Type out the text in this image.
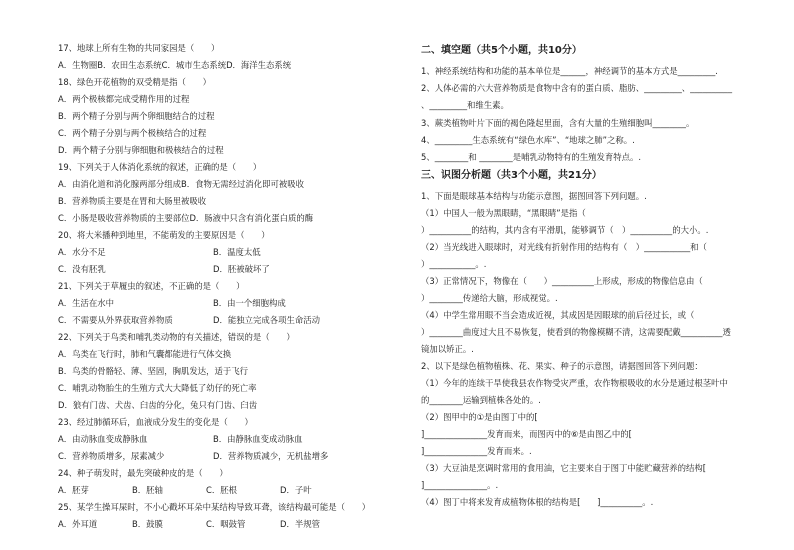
17、地球上所有生物的共同家园是（　　）
A．生物圈B．农田生态系统C．城市生态系统D．海洋生态系统
18、绿色开花植物的双受精是指（　　）
A．两个极核都完成受精作用的过程
B．两个精子分别与两个卵细胞结合的过程
C．两个精子分别与两个极核结合的过程
D．两个精子分别与卵细胞和极核结合的过程
19、下列关于人体消化系统的叙述，正确的是（　　）
A．由消化道和消化腺两部分组成B．食物无需经过消化即可被吸收
B．营养物质主要是在胃和大肠里被吸收
C．小肠是吸收营养物质的主要部位D．肠液中只含有消化蛋白质的酶
20、将大米播种到地里，不能萌发的主要原因是（　　）
A．水分不足	B．温度太低
C．没有胚乳	D．胚被破坏了
21、下列关于草履虫的叙述，不正确的是（　　）
A．生活在水中	B．由一个细胞构成
C．不需要从外界获取营养物质	D．能独立完成各项生命活动
22、下列关于鸟类和哺乳类动物的有关描述，错误的是（　　）
A．鸟类在飞行时，肺和气囊都能进行气体交换
B．鸟类的骨骼轻、薄、坚固，胸肌发达，适于飞行
C．哺乳动物胎生的生殖方式大大降低了幼仔的死亡率
D．狼有门齿、犬齿、臼齿的分化，兔只有门齿、臼齿
23、经过肺循环后，血液成分发生的变化是（　　）
A．由动脉血变成静脉血	B．由静脉血变成动脉血
C．营养物质增多，尿素减少	D．营养物质减少，无机盐增多
24、种子萌发时，最先突破种皮的是（　　）
A．胚芽	B．胚轴	C．胚根	D．子叶
25、某学生操耳屎时，不小心戳坏耳朵中某结构导致耳聋，该结构最可能是（　　）
A．外耳道	B．鼓膜	C．咽鼓管	D．半规管
二、填空题（共5个小题，共10分）
1、神经系统结构和功能的基本单位是______，神经调节的基本方式是_________.
2、人体必需的六大营养物质是食物中含有的蛋白质、脂肪、_________、__________
、_________和维生素。
3、蕨类植物叶片下面的褐色隆起里面，含有大量的生殖细胞叫________。
4、_________生态系统有“绿色水库”、“地球之肺”之称。.
5、________和 ________是哺乳动物特有的生殖发育特点。.
三、识图分析题（共3个小题，共21分）
1、下面是眼球基本结构与功能示意图，据图回答下列问题。.
（1）中国人一般为黑眼睛，“黑眼睛”是指（
）__________的结构，其内含有平滑肌，能够调节（　）__________的大小。.
（2）当光线进入眼球时，对光线有折射作用的结构有（　）___________和（
）___________。.
（3）正常情况下，物像在（　　）__________上形成，形成的物像信息由（
）________传递给大脑，形成视觉。.
（4）中学生常用眼不当会造成近视，其成因是因眼球的前后径过长，或（
）________曲度过大且不易恢复，使看到的物像模糊不清，这需要配戴__________透
镜加以矫正。.
2、以下是绿色植物植株、花、果实、种子的示意图，请据图回答下列问题：
（1）今年的连续干旱使我县农作物受灾严重，农作物根吸收的水分是通过根茎叶中
的________运输到植株各处的。.
（2）图甲中的①是由图丁中的[
]_______________发育而来，而图丙中的⑥是由图乙中的[
]_______________发育而来。.
（3）大豆油是烹调时常用的食用油，它主要来自于图丁中能贮藏营养的结构[
]_______________。.
（4）图丁中将来发育成植物体根的结构是[　　]__________。.
